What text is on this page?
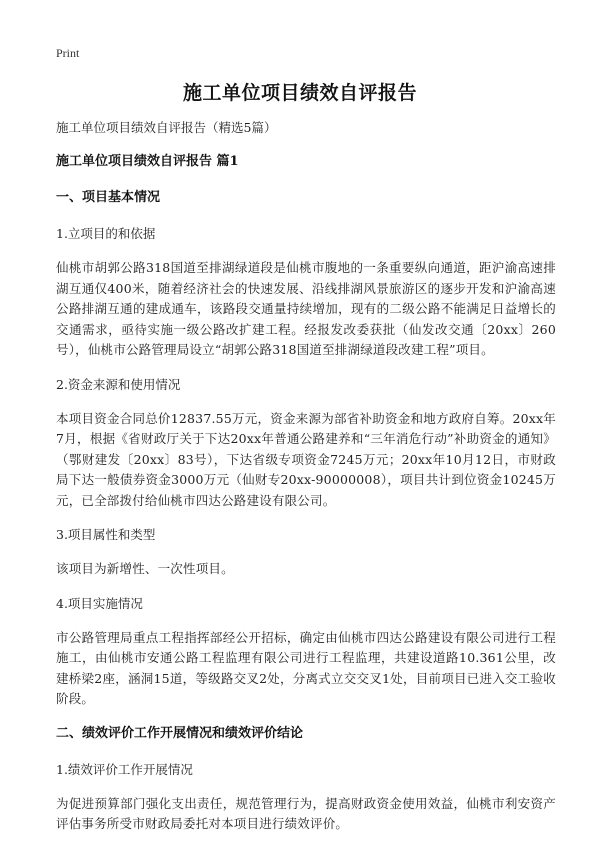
Print
施工单位项目绩效自评报告

施工单位项目绩效自评报告（精选5篇）

施工单位项目绩效自评报告 篇1

一、项目基本情况

1.立项目的和依据

仙桃市胡郭公路318国道至排湖绿道段是仙桃市腹地的一条重要纵向通道，距沪渝高速排湖互通仅400米，随着经济社会的快速发展、沿线排湖风景旅游区的逐步开发和沪渝高速公路排湖互通的建成通车，该路段交通量持续增加，现有的二级公路不能满足日益增长的交通需求，亟待实施一级公路改扩建工程。经报发改委获批（仙发改交通〔20xx〕260号），仙桃市公路管理局设立“胡郭公路318国道至排湖绿道段改建工程”项目。

2.资金来源和使用情况

本项目资金合同总价12837.55万元，资金来源为部省补助资金和地方政府自筹。20xx年7月，根据《省财政厅关于下达20xx年普通公路建养和“三年消危行动”补助资金的通知》（鄂财建发〔20xx〕83号），下达省级专项资金7245万元；20xx年10月12日，市财政局下达一般债券资金3000万元（仙财专20xx-90000008），项目共计到位资金10245万元，已全部拨付给仙桃市四达公路建设有限公司。

3.项目属性和类型

该项目为新增性、一次性项目。

4.项目实施情况

市公路管理局重点工程指挥部经公开招标，确定由仙桃市四达公路建设有限公司进行工程施工，由仙桃市安通公路工程监理有限公司进行工程监理，共建设道路10.361公里，改建桥梁2座，涵洞15道，等级路交叉2处，分离式立交交叉1处，目前项目已进入交工验收阶段。

二、绩效评价工作开展情况和绩效评价结论

1.绩效评价工作开展情况

为促进预算部门强化支出责任，规范管理行为，提高财政资金使用效益，仙桃市利安资产评估事务所受市财政局委托对本项目进行绩效评价。
